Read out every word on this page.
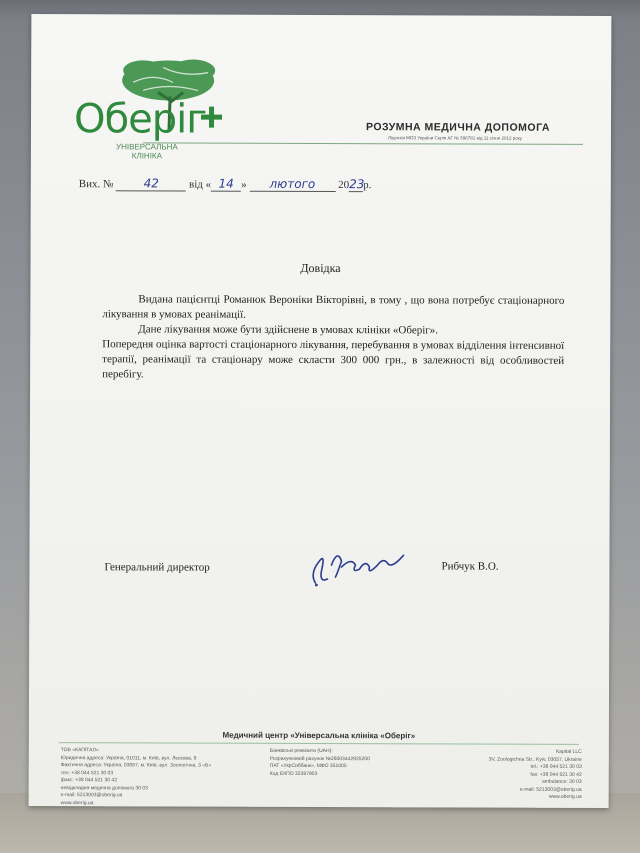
Оберіг
УНІВЕРСАЛЬНА
КЛІНІКА
РОЗУМНА МЕДИЧНА ДОПОМОГА
Ліцензія МОЗ України Серія АГ № 596781 від 11 січня 2012 року
Вих. №	42	від « 14 » лютого 2023р.
Довідка

Видана пацієнтці Романюк Вероніки Вікторівні, в тому , що вона потребує стаціонарного лікування в умовах реанімації.

Дане лікування може бути здійснене в умовах клініки «Оберіг».

Попередня оцінка вартості стаціонарного лікування, перебування в умовах відділення інтенсивної терапії, реанімації та стаціонару може скласти 300 000 грн., в залежності від особливостей перебігу.

Генеральний директор	Рибчук В.О.
Медичний центр «Універсальна клініка «Оберіг»
ТОВ «КАПІТАЛ»
Юридична адреса: Україна, 01011, м. Київ, вул. Лєскова, 9
Фактична адреса: Україна, 03057, м. Київ, вул. Зоологічна, 3 «В»
тел. +38 044 521 30 03
факс: +38 044 521 30 42
невідкладна медична допомога 30 03
e-mail: 5213003@oberig.ua
www.oberig.ua
Банківські реквізити (UAH):
Розрахунковий рахунок №26003442925200
ПАТ «УкрСиббанк», МФО 351005
Код ЄКПО 32387903
Kapital LLC
3V, Zoologichna Str., Kyiv, 03057, Ukraine
tel.: +38 044 521 30 03
fax: +38 044 521 30 42
ambulance: 30 03
e-mail: 5213003@oberig.ua
www.oberig.ua
